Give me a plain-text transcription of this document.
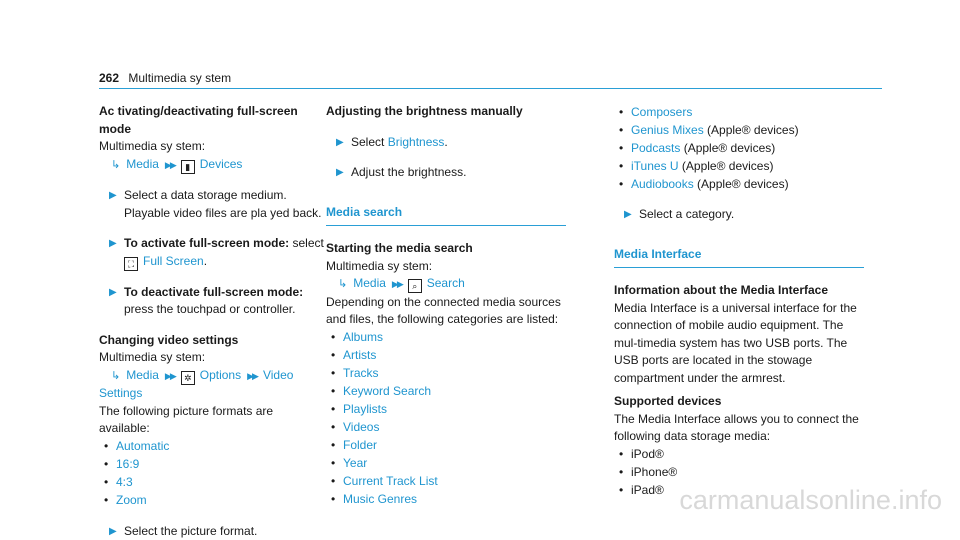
262 Multimedia sy stem
Ac tivating/deactivating full-screen mode
Multimedia sy stem:
↳ Media ▶▶ ▮ Devices
▶ Select a data storage medium. Playable video files are pla yed back.
▶ To activate full-screen mode: select
⛶ Full Screen.
▶ To deactivate full-screen mode: press the touchpad or controller.
Changing video settings
Multimedia sy stem:
↳ Media ▶▶ ✲ Options ▶▶ Video
Settings
The following picture formats are available:
• Automatic
• 16:9
• 4:3
• Zoom
▶ Select the picture format.
Adjusting the brightness manually
▶ Select Brightness.
▶ Adjust the brightness.
Media search
Starting the media search
Multimedia sy stem:
↳ Media ▶▶ ⌕ Search
Depending on the connected media sources and files, the following categories are listed:
• Albums
• Artists
• Tracks
• Keyword Search
• Playlists
• Videos
• Folder
• Year
• Current Track List
• Music Genres
• Composers
• Genius Mixes (Apple® devices)
• Podcasts (Apple® devices)
• iTunes U (Apple® devices)
• Audiobooks (Apple® devices)
▶ Select a category.
Media Interface
Information about the Media Interface
Media Interface is a universal interface for the connection of mobile audio equipment. The mul-timedia system has two USB ports. The USB ports are located in the stowage compartment under the armrest.
Supported devices
The Media Interface allows you to connect the following data storage media:
• iPod®
• iPhone®
• iPad® carmanualsonline.info
